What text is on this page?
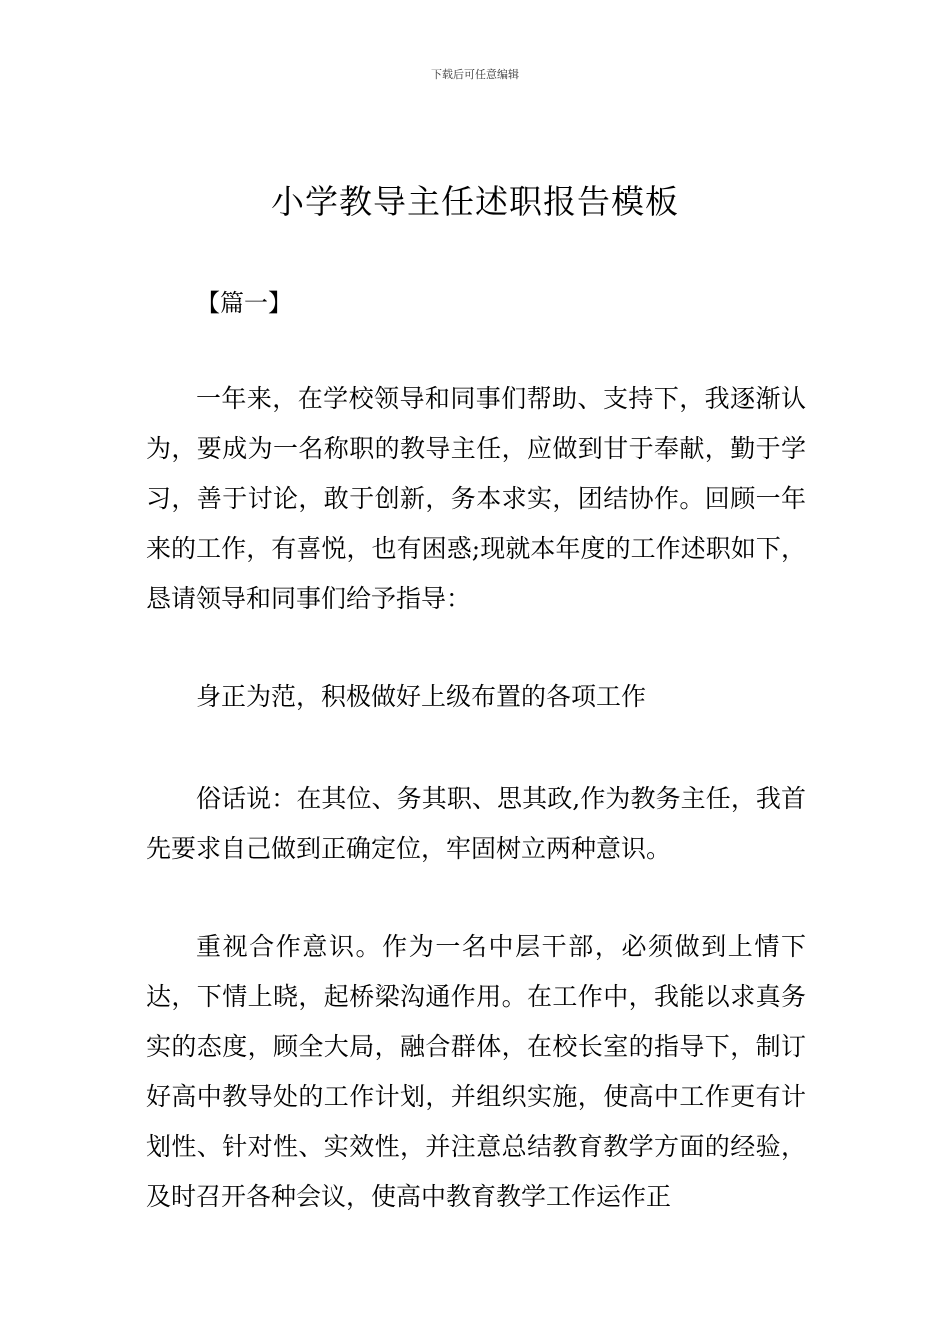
下载后可任意编辑
小学教导主任述职报告模板
【篇一】

一年来，在学校领导和同事们帮助、支持下，我逐渐认为，要成为一名称职的教导主任，应做到甘于奉献，勤于学习，善于讨论，敢于创新，务本求实，团结协作。回顾一年来的工作，有喜悦，也有困惑;现就本年度的工作述职如下，恳请领导和同事们给予指导：

身正为范，积极做好上级布置的各项工作

俗话说：在其位、务其职、思其政,作为教务主任，我首先要求自己做到正确定位，牢固树立两种意识。

重视合作意识。作为一名中层干部，必须做到上情下达，下情上晓，起桥梁沟通作用。在工作中，我能以求真务实的态度，顾全大局，融合群体，在校长室的指导下，制订好高中教导处的工作计划，并组织实施，使高中工作更有计划性、针对性、实效性，并注意总结教育教学方面的经验，及时召开各种会议，使高中教育教学工作运作正
